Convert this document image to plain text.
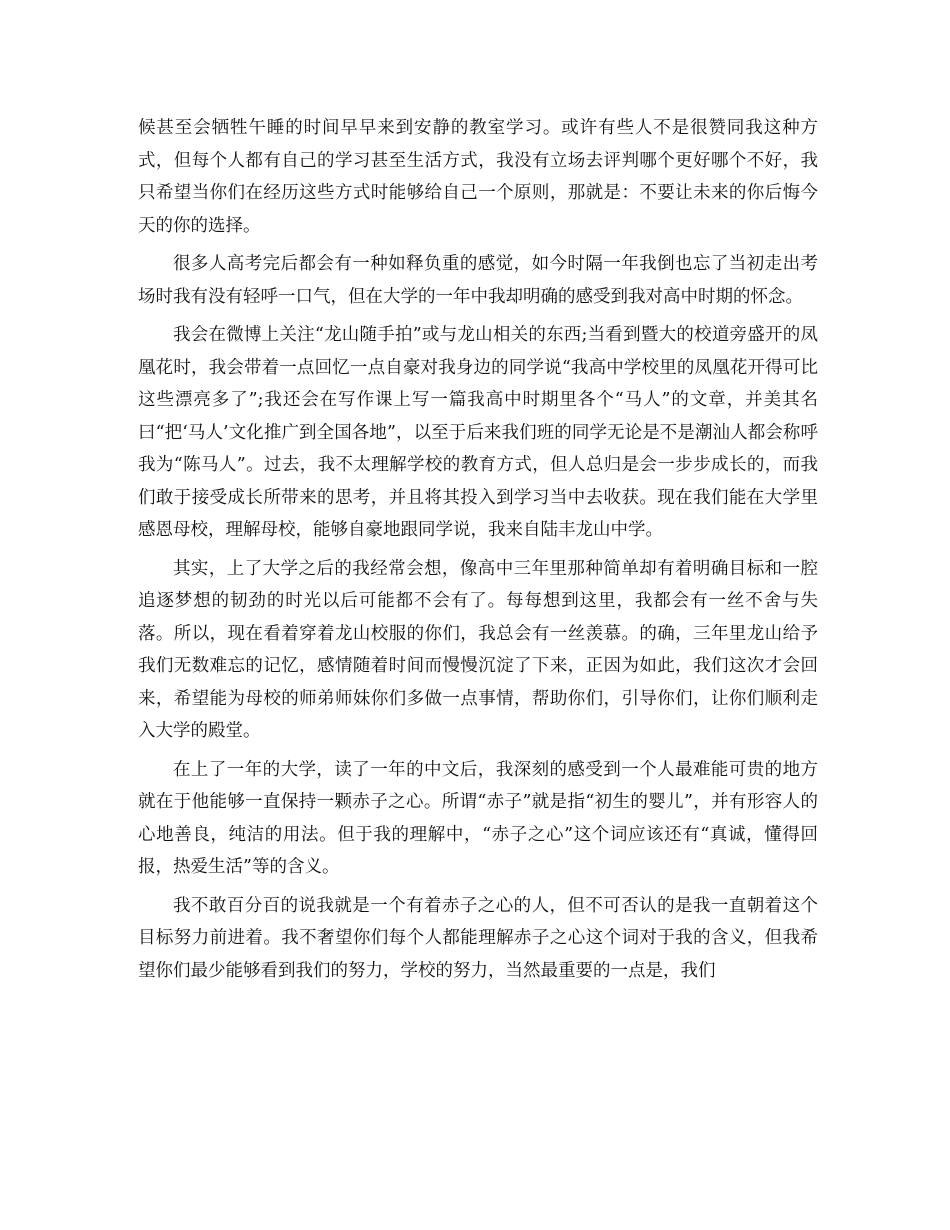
候甚至会牺牲午睡的时间早早来到安静的教室学习。或许有些人不是很赞同我这种方式，但每个人都有自己的学习甚至生活方式，我没有立场去评判哪个更好哪个不好，我只希望当你们在经历这些方式时能够给自己一个原则，那就是：不要让未来的你后悔今天的你的选择。

很多人高考完后都会有一种如释负重的感觉，如今时隔一年我倒也忘了当初走出考场时我有没有轻呼一口气，但在大学的一年中我却明确的感受到我对高中时期的怀念。

我会在微博上关注“龙山随手拍”或与龙山相关的东西;当看到暨大的校道旁盛开的凤凰花时，我会带着一点回忆一点自豪对我身边的同学说“我高中学校里的凤凰花开得可比这些漂亮多了”;我还会在写作课上写一篇我高中时期里各个“马人”的文章，并美其名曰“把‘马人’文化推广到全国各地”，以至于后来我们班的同学无论是不是潮汕人都会称呼我为“陈马人”。过去，我不太理解学校的教育方式，但人总归是会一步步成长的，而我们敢于接受成长所带来的思考，并且将其投入到学习当中去收获。现在我们能在大学里感恩母校，理解母校，能够自豪地跟同学说，我来自陆丰龙山中学。

其实，上了大学之后的我经常会想，像高中三年里那种简单却有着明确目标和一腔追逐梦想的韧劲的时光以后可能都不会有了。每每想到这里，我都会有一丝不舍与失落。所以，现在看着穿着龙山校服的你们，我总会有一丝羡慕。的确，三年里龙山给予我们无数难忘的记忆，感情随着时间而慢慢沉淀了下来，正因为如此，我们这次才会回来，希望能为母校的师弟师妹你们多做一点事情，帮助你们，引导你们，让你们顺利走入大学的殿堂。

在上了一年的大学，读了一年的中文后，我深刻的感受到一个人最难能可贵的地方就在于他能够一直保持一颗赤子之心。所谓“赤子”就是指“初生的婴儿”，并有形容人的心地善良，纯洁的用法。但于我的理解中，“赤子之心”这个词应该还有“真诚，懂得回报，热爱生活”等的含义。

我不敢百分百的说我就是一个有着赤子之心的人，但不可否认的是我一直朝着这个目标努力前进着。我不奢望你们每个人都能理解赤子之心这个词对于我的含义，但我希望你们最少能够看到我们的努力，学校的努力，当然最重要的一点是，我们
